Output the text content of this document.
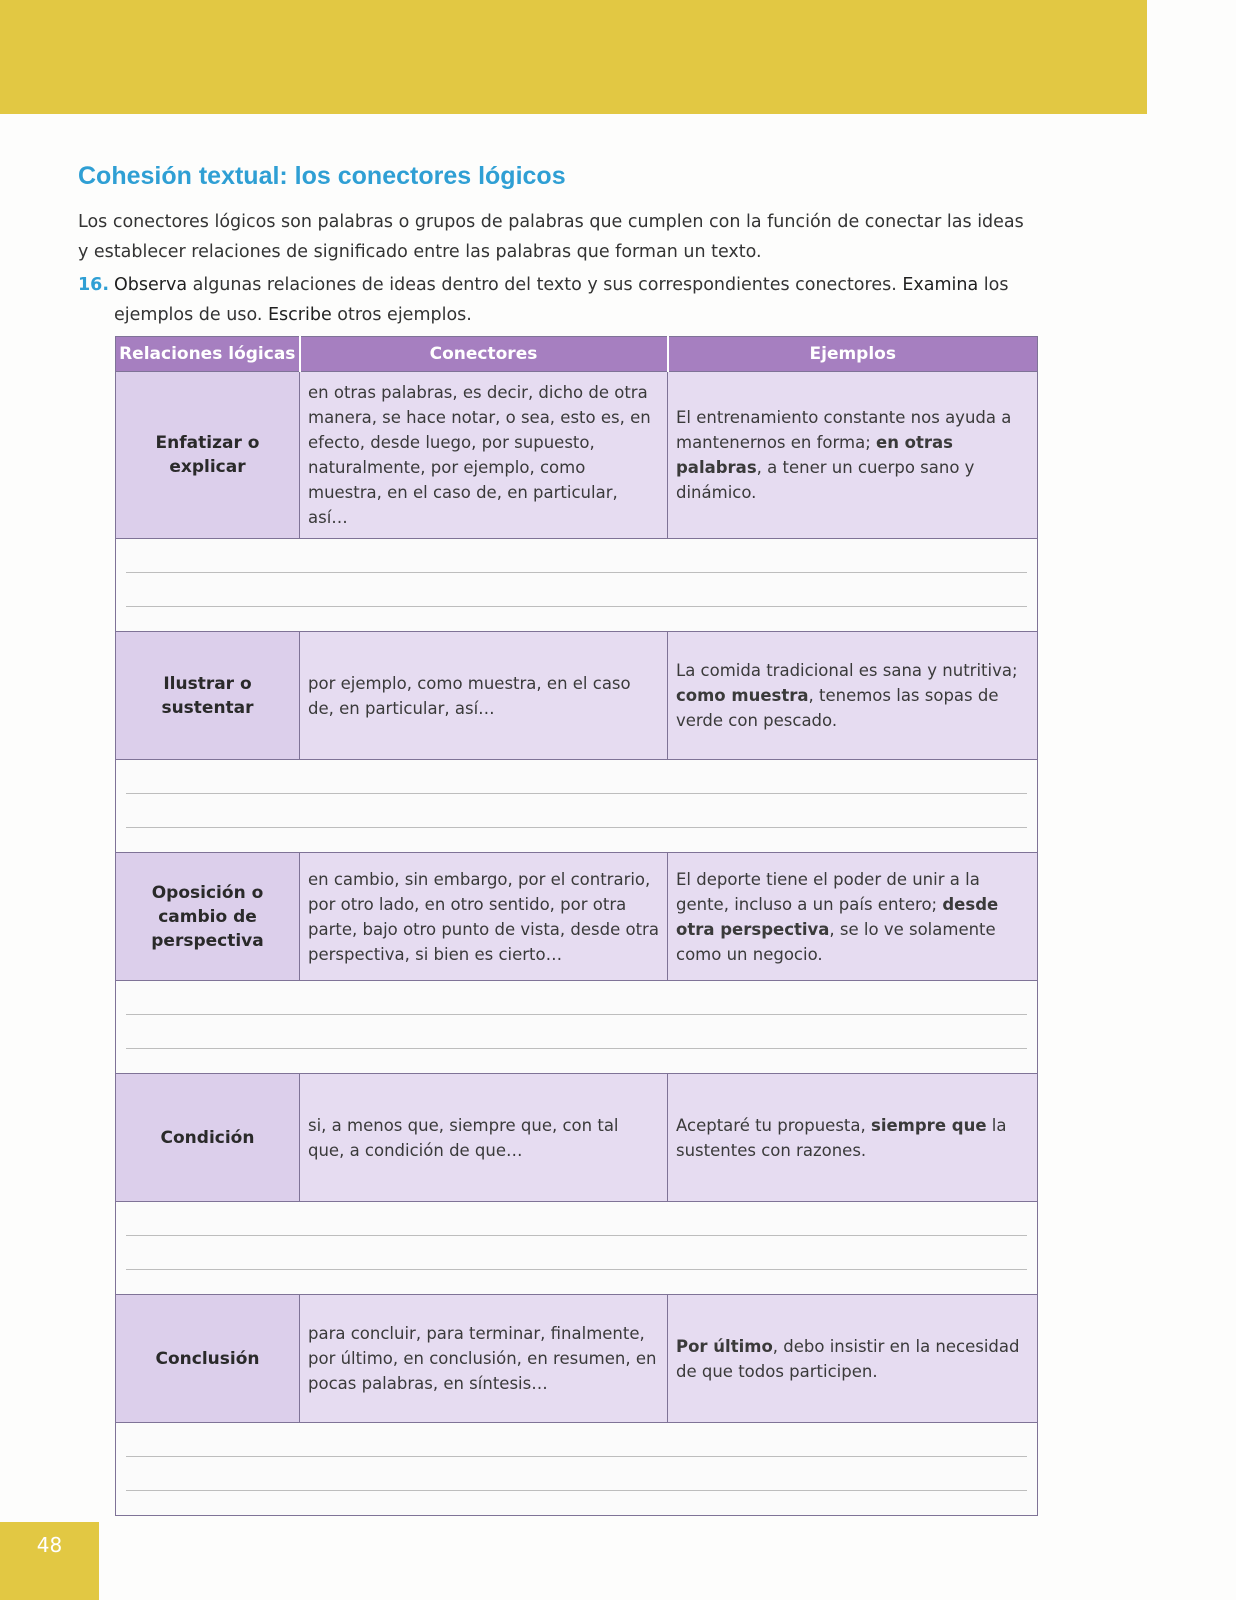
Cohesión textual: los conectores lógicos

Los conectores lógicos son palabras o grupos de palabras que cumplen con la función de conectar las ideas y establecer relaciones de significado entre las palabras que forman un texto.

16. Observa algunas relaciones de ideas dentro del texto y sus correspondientes conectores. Examina los ejemplos de uso. Escribe otros ejemplos.

Relaciones lógicas	Conectores	Ejemplos
Enfatizar o explicar	en otras palabras, es decir, dicho de otra manera, se hace notar, o sea, esto es, en efecto, desde luego, por supuesto, naturalmente, por ejemplo, como muestra, en el caso de, en particular, así…	El entrenamiento constante nos ayuda a mantenernos en forma; en otras palabras, a tener un cuerpo sano y dinámico.

Ilustrar o sustentar	por ejemplo, como muestra, en el caso de, en particular, así…	La comida tradicional es sana y nutritiva; como muestra, tenemos las sopas de verde con pescado.

Oposición o cambio de perspectiva	en cambio, sin embargo, por el contrario, por otro lado, en otro sentido, por otra parte, bajo otro punto de vista, desde otra perspectiva, si bien es cierto…	El deporte tiene el poder de unir a la gente, incluso a un país entero; desde otra perspectiva, se lo ve solamente como un negocio.

Condición	si, a menos que, siempre que, con tal que, a condición de que…	Aceptaré tu propuesta, siempre que la sustentes con razones.

Conclusión	para concluir, para terminar, finalmente, por último, en conclusión, en resumen, en pocas palabras, en síntesis…	Por último, debo insistir en la necesidad de que todos participen.

48
